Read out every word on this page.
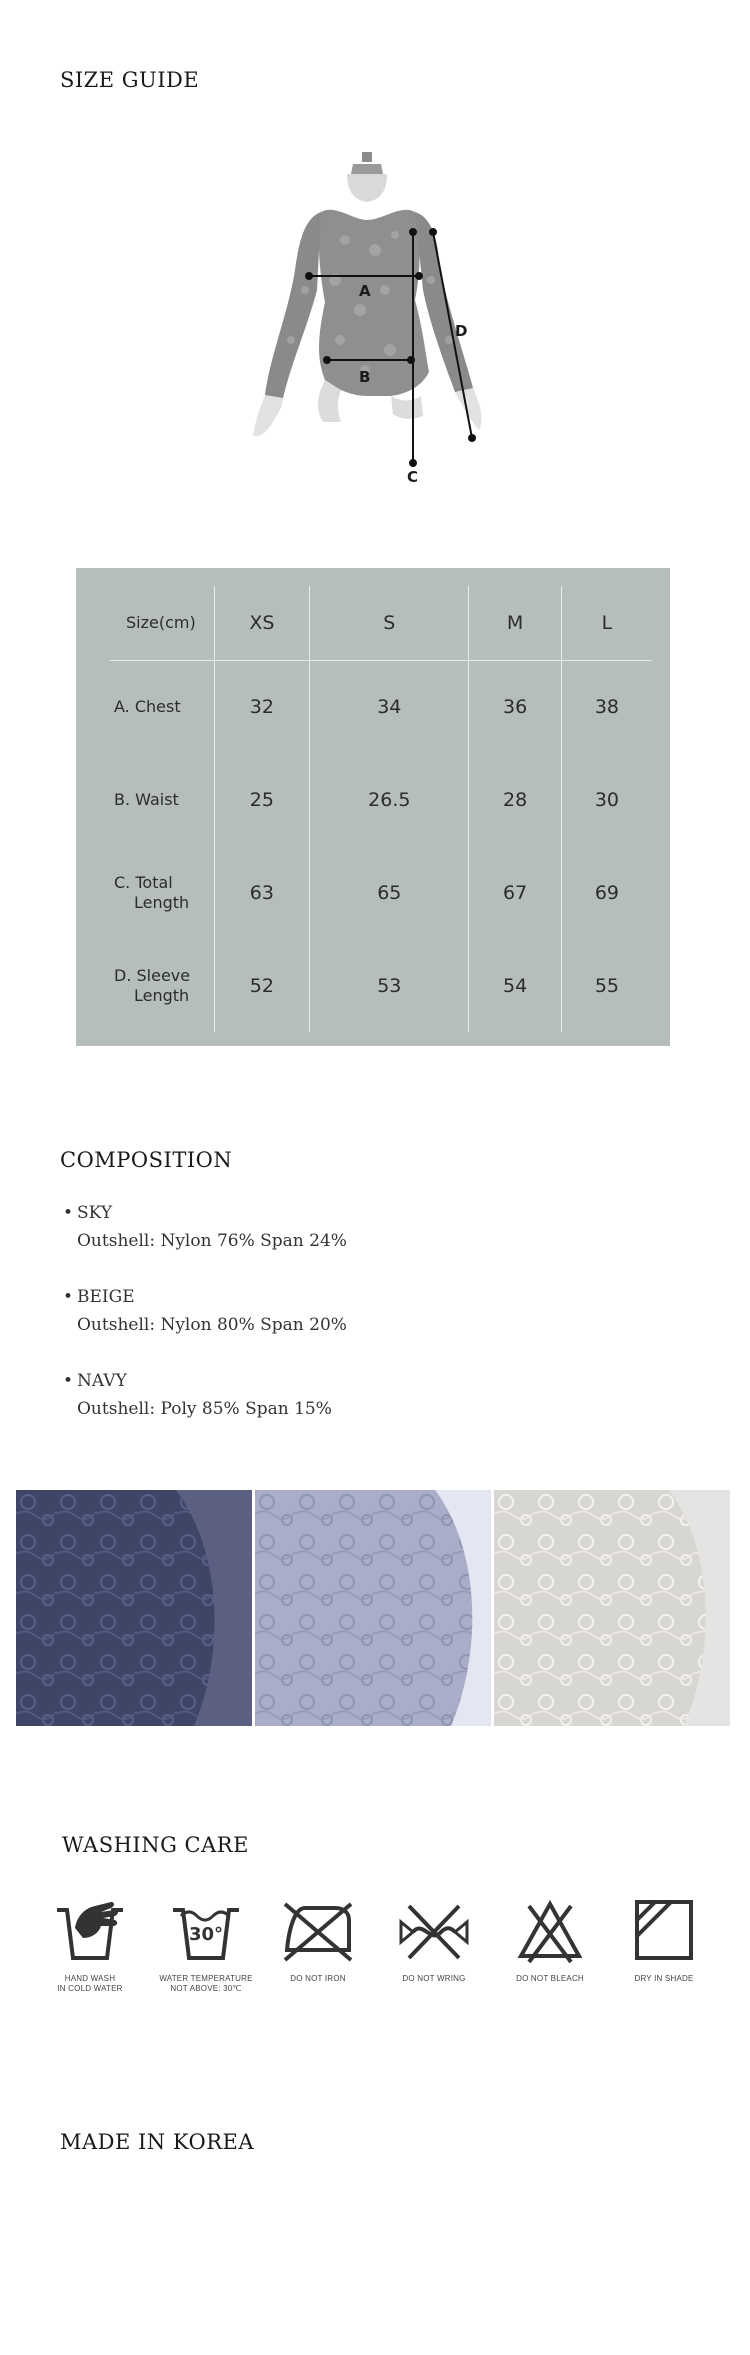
SIZE GUIDE
A
B
C
D
Size(cm)	XS	S	M	L
A. Chest	32	34	36	38
B. Waist	25	26.5	28	30
C. Total
Length	63	65	67	69
D. Sleeve
Length	52	53	54	55
COMPOSITION
• SKY
Outshell: Nylon 76% Span 24%
• BEIGE
Outshell: Nylon 80% Span 20%
• NAVY
Outshell: Poly 85% Span 15%
WASHING CARE
HAND WASH
IN COLD WATER
30°
WATER TEMPERATURE
NOT ABOVE: 30℃
DO NOT IRON	DO NOT WRING	DO NOT BLEACH	DRY IN SHADE
MADE IN KOREA
